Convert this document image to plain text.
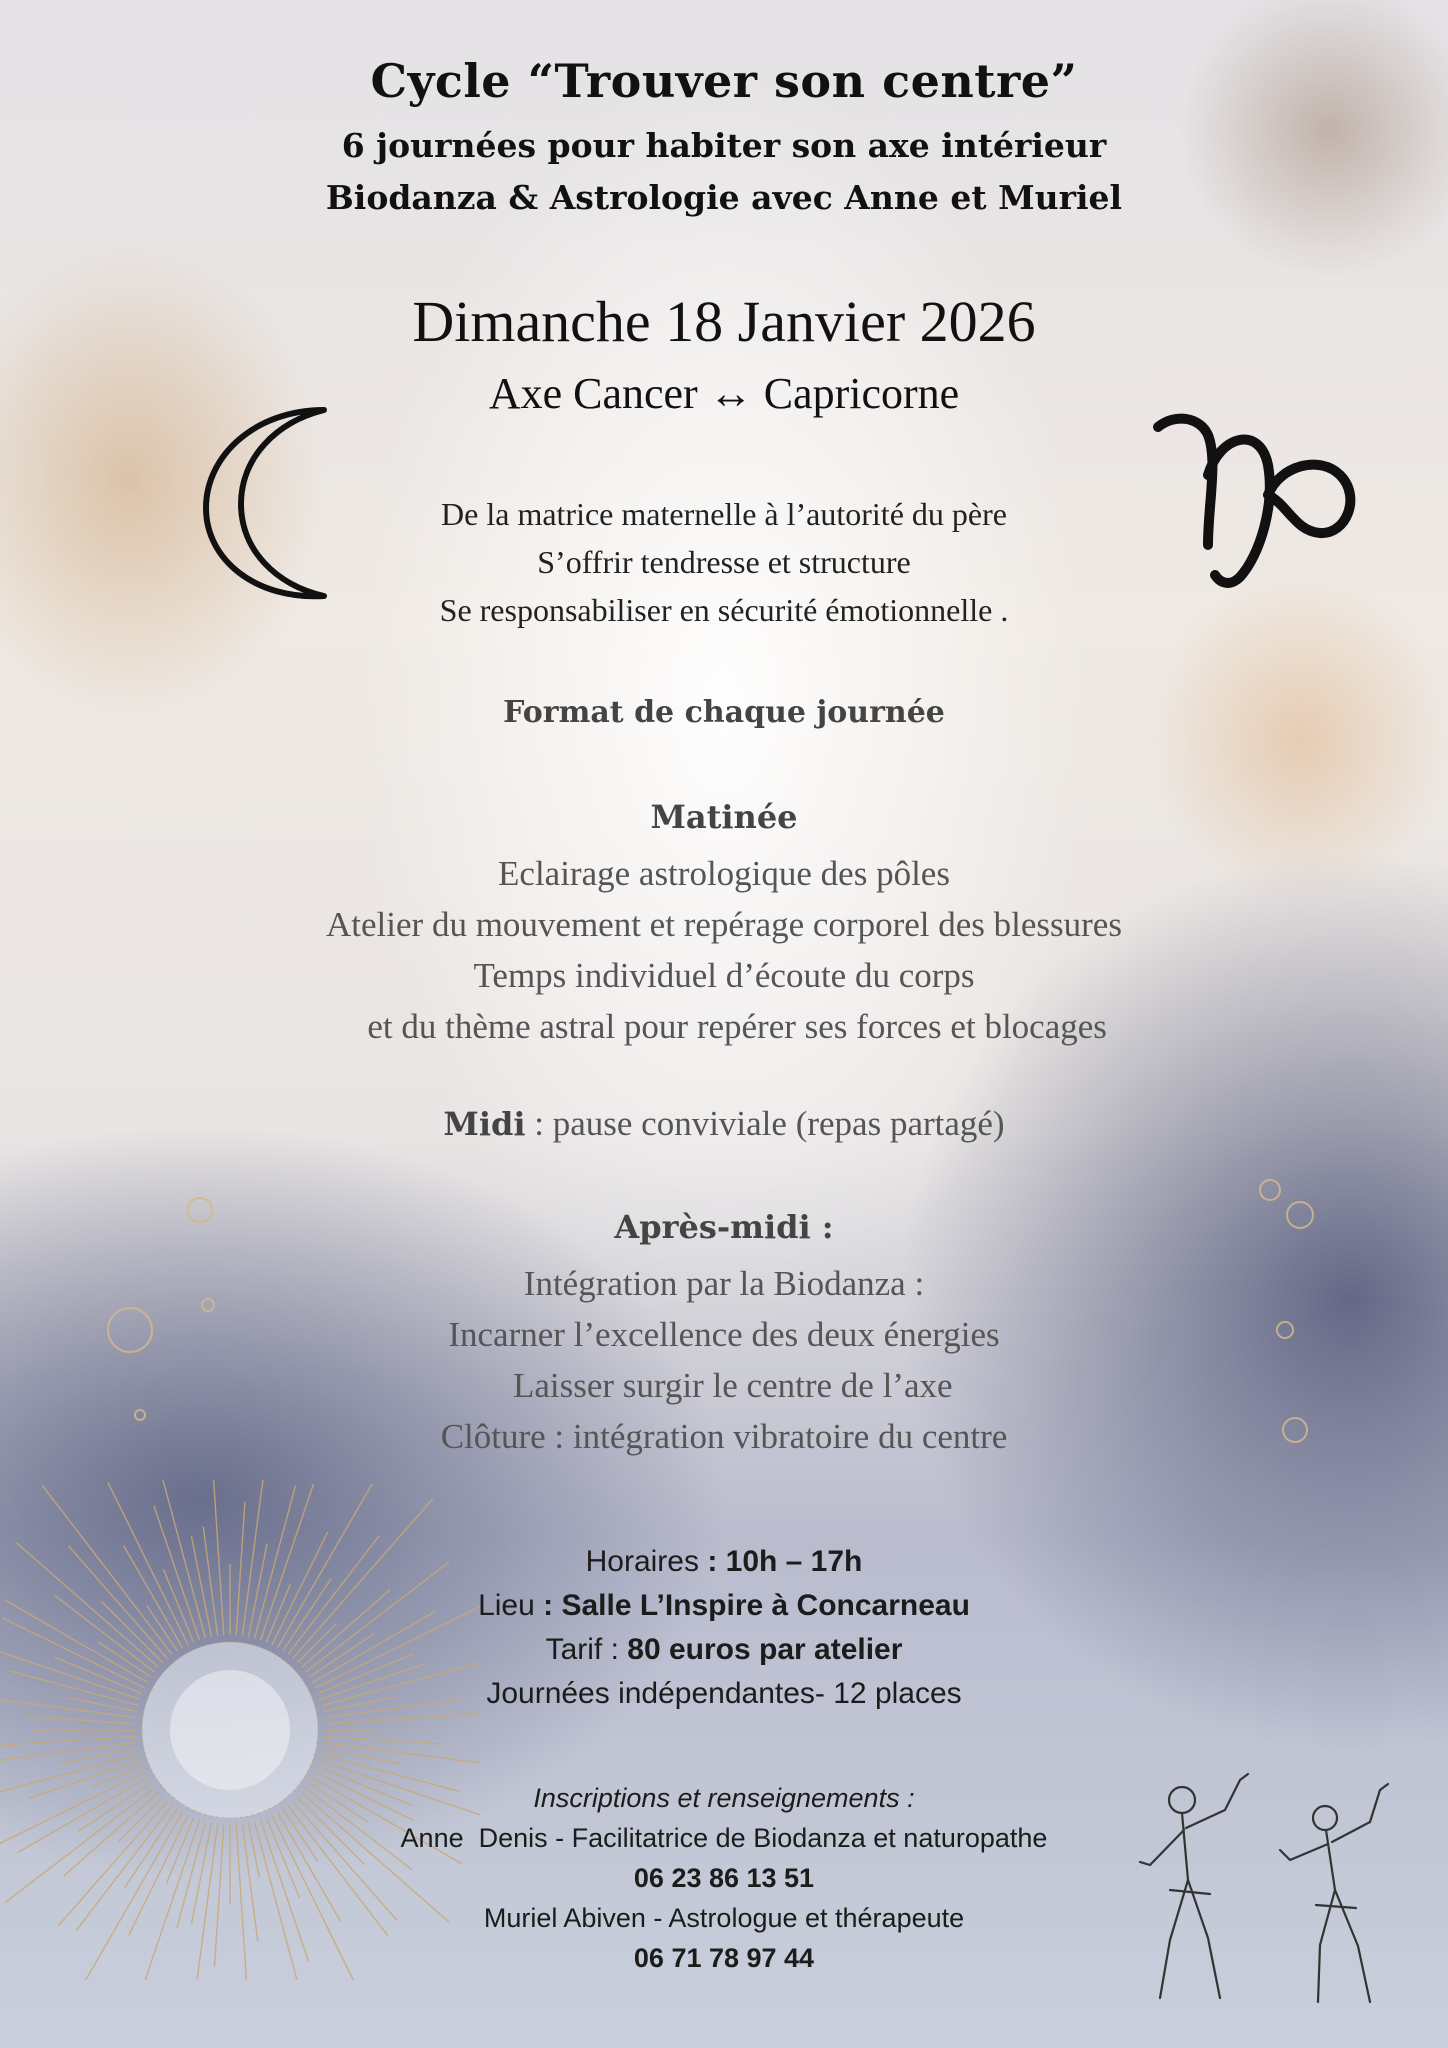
Cycle “Trouver son centre”
6 journées pour habiter son axe intérieur
Biodanza & Astrologie avec Anne et Muriel
Dimanche 18 Janvier 2026
Axe Cancer ↔ Capricorne
De la matrice maternelle à l’autorité du père
S’offrir tendresse et structure
Se responsabiliser en sécurité émotionnelle .
Format de chaque journée
Matinée
Eclairage astrologique des pôles
Atelier du mouvement et repérage corporel des blessures
Temps individuel d’écoute du corps
et du thème astral pour repérer ses forces et blocages
Midi : pause conviviale (repas partagé)
Après-midi :
Intégration par la Biodanza :
Incarner l’excellence des deux énergies
Laisser surgir le centre de l’axe
Clôture : intégration vibratoire du centre
Horaires : 10h – 17h
Lieu : Salle L’Inspire à Concarneau
Tarif : 80 euros par atelier
Journées indépendantes- 12 places
Inscriptions et renseignements :
Anne  Denis - Facilitatrice de Biodanza et naturopathe
06 23 86 13 51
Muriel Abiven - Astrologue et thérapeute
06 71 78 97 44
